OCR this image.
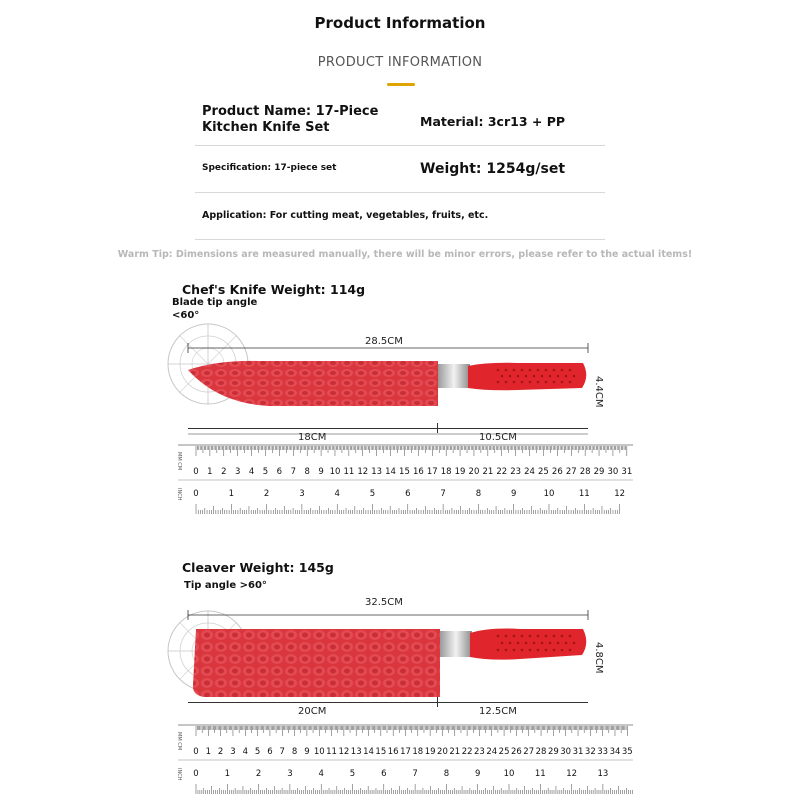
Product Information
PRODUCT INFORMATION
Product Name: 17-Piece Kitchen Knife Set	Material: 3cr13 + PP
Specification: 17-piece set	Weight: 1254g/set
Application: For cutting meat, vegetables, fruits, etc.
Warm Tip: Dimensions are measured manually, there will be minor errors, please refer to the actual items!
Chef's Knife Weight: 114g
Blade tip angle
<60°
28.5CM
4.4CM
18CM	10.5CM
MM CM
INCH
0 1 2 3 4 5 6 7 8 9 10 11 12 13 14 15 16 17 18 19 20 21 22 23 24 25 26 27 28 29 30 31
0	1	2	3	4	5	6	7	8	9	10	11	12
Cleaver Weight: 145g
Tip angle >60°
32.5CM
4.8CM
20CM	12.5CM
MM CM
INCH
0 1 2 3 4 5 6 7 8 9 10 11 12 13 14 15 16 17 18 19 20 21 22 23 24 25 26 27 28 29 30 31 32 33 34 35
0	1	2	3	4	5	6	7	8	9	10 11 12 13
